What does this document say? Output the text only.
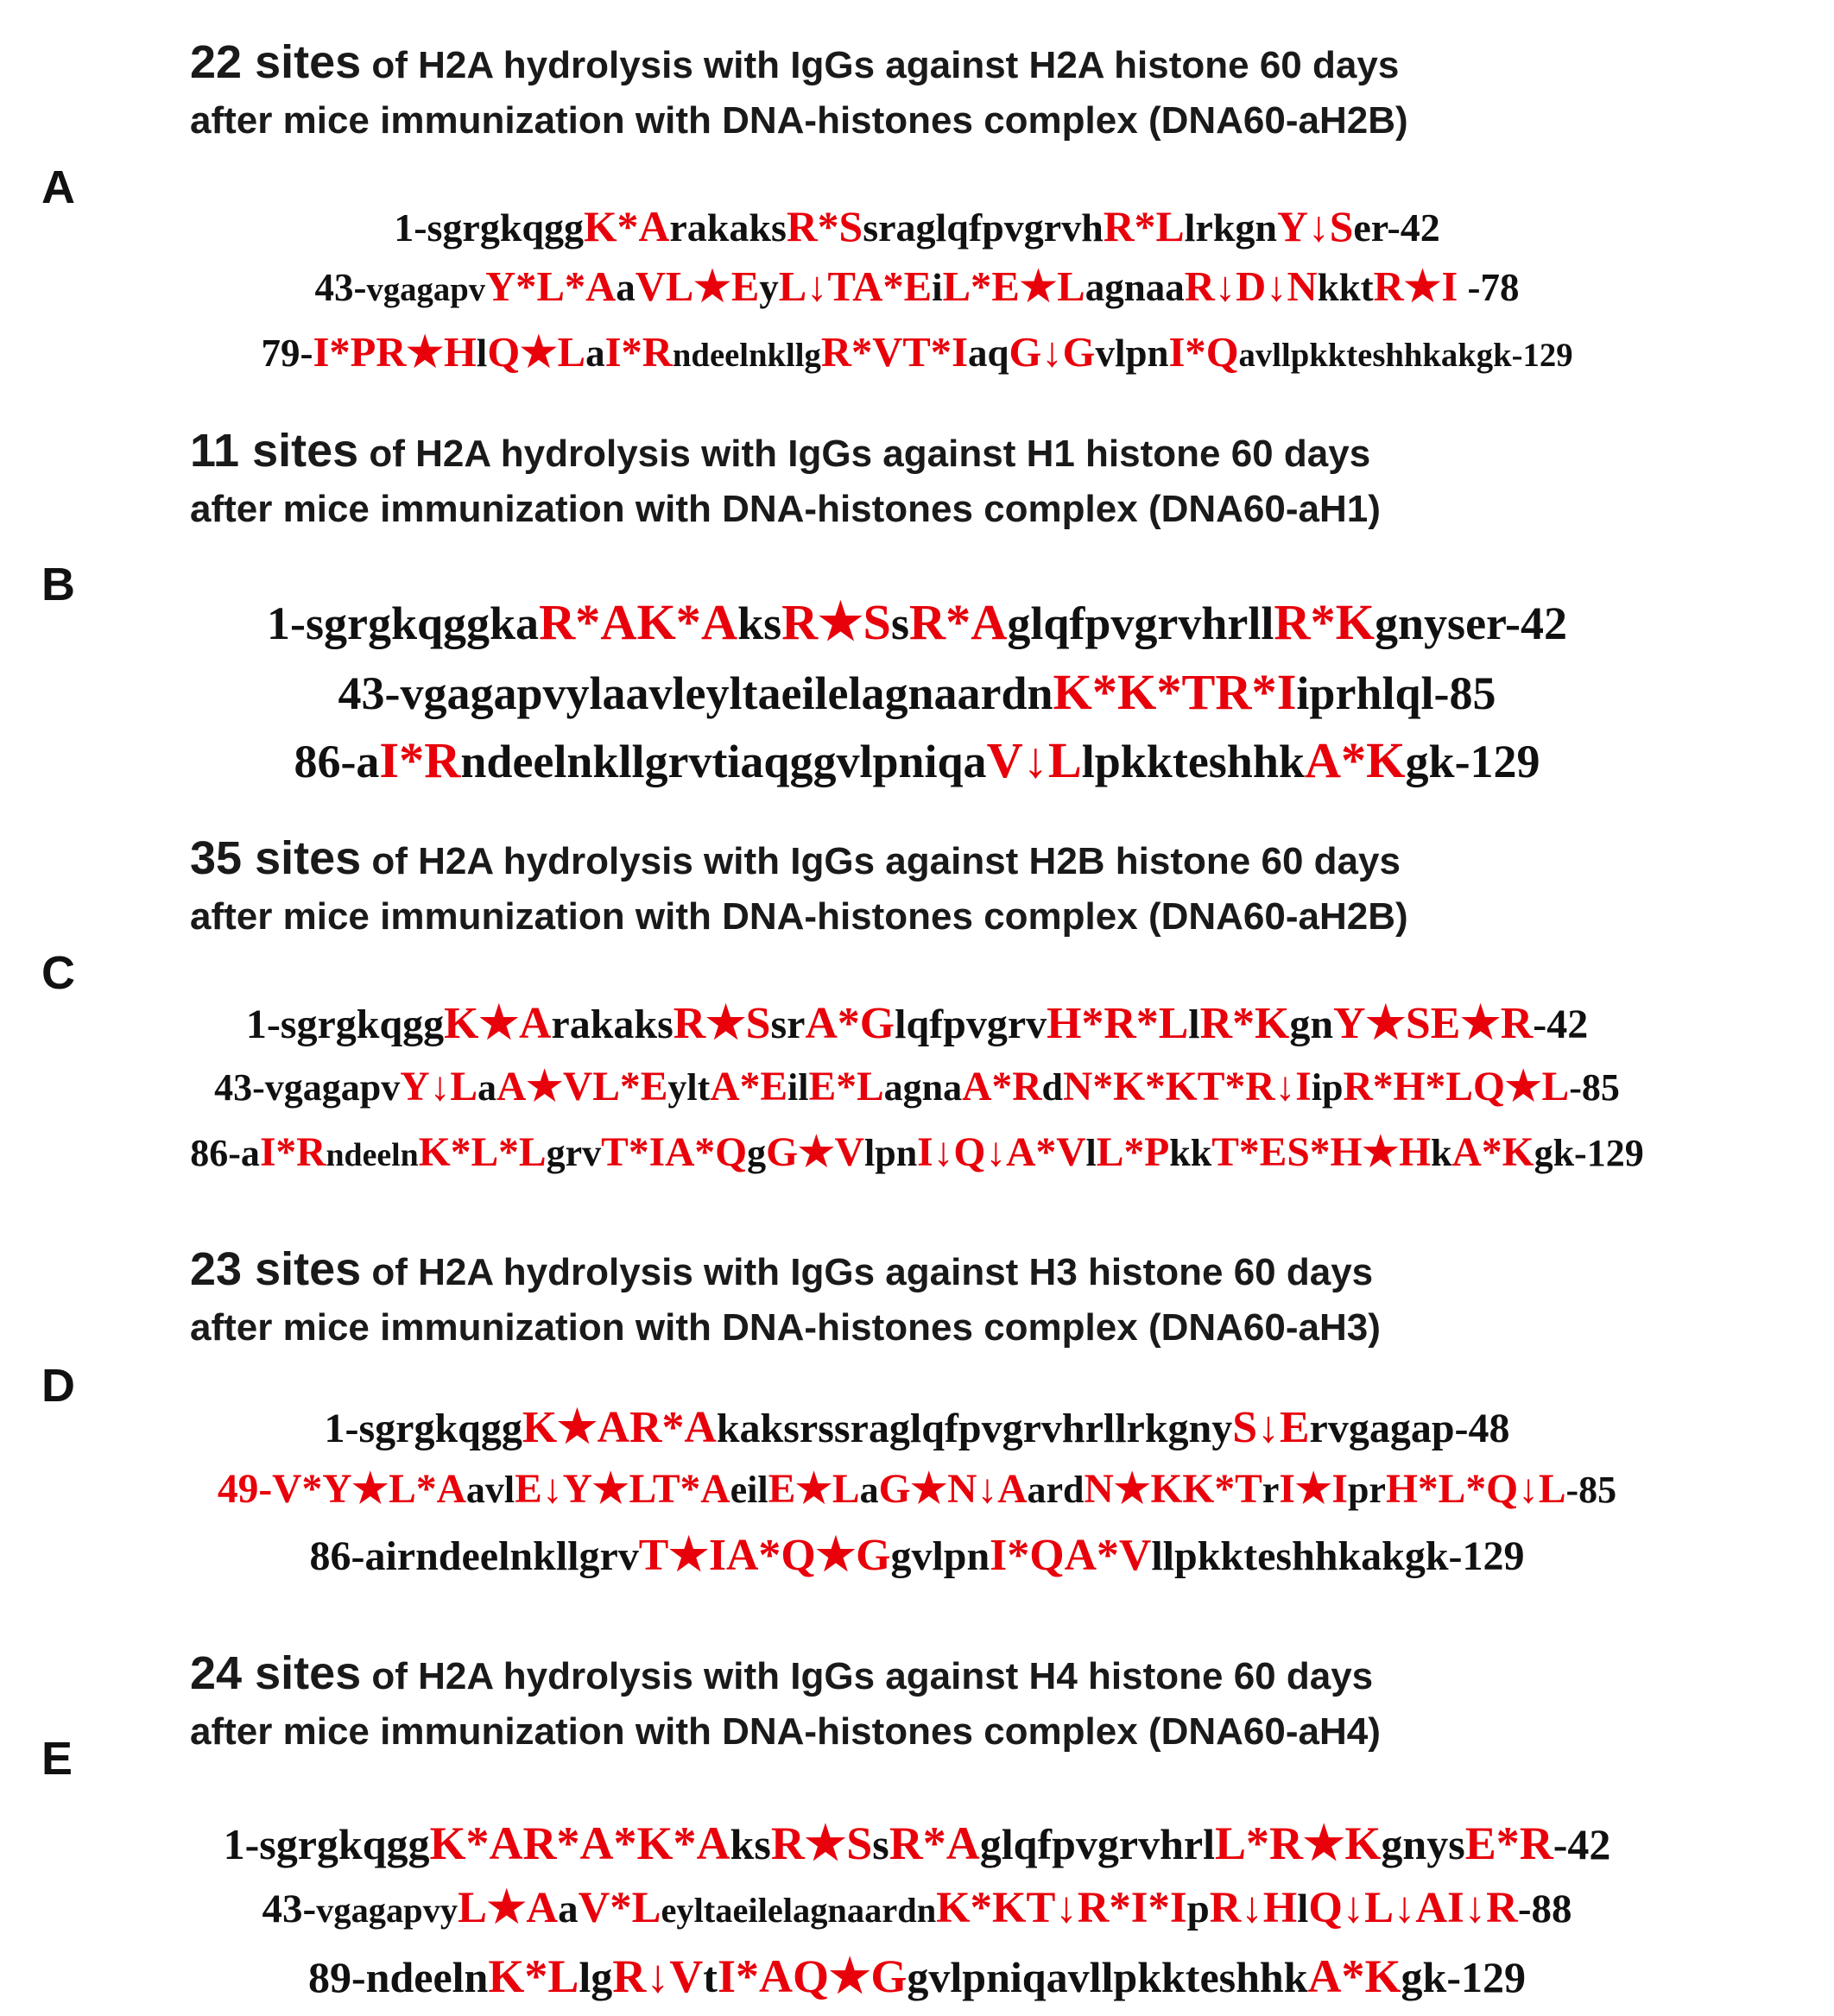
22 sites of H2A hydrolysis with IgGs against H2A histone 60 days
after mice immunization with DNA-histones complex (DNA60-aH2B)
A
1-sgrgkqggK*ArakaksR*SsraglqfpvgrvhR*LlrkgnY↓Ser-42
43-vgagapvY*L*AaVL★EyL↓TA*EiL*E★LagnaaR↓D↓NkktR★I -78
79-I*PR★HlQ★LaI*RndeelnkllgR*VT*IaqG↓GvlpnI*Qavllpkkteshhkakgk-129
11 sites of H2A hydrolysis with IgGs against H1 histone 60 days
after mice immunization with DNA-histones complex (DNA60-aH1)
B
1-sgrgkqggkaR*AK*AksR★SsR*AglqfpvgrvhrllR*Kgnyser-42
43-vgagapvylaavleyltaeilelagnaardnK*K*TR*Iiprhlql-85
86-aI*RndeelnkllgrvtiaqggvlpniqaV↓LlpkkteshhkA*Kgk-129
35 sites of H2A hydrolysis with IgGs against H2B histone 60 days
after mice immunization with DNA-histones complex (DNA60-aH2B)
C
1-sgrgkqggK★ArakaksR★SsrA*GlqfpvgrvH*R*LlR*KgnY★SE★R-42
43-vgagapvY↓LaA★VL*EyltA*EilE*LagnaA*RdN*K*KT*R↓IipR*H*LQ★L-85
86-aI*RndeelnK*L*LgrvT*IA*QgG★VlpnI↓Q↓A*VlL*PkkT*ES*H★HkA*Kgk-129
23 sites of H2A hydrolysis with IgGs against H3 histone 60 days
after mice immunization with DNA-histones complex (DNA60-aH3)
D
1-sgrgkqggK★AR*AkaksrssraglqfpvgrvhrllrkgnyS↓Ervgagap-48
49-V*Y★L*AavlE↓Y★LT*AeilE★LaG★N↓AardN★KK*TrI★IprH*L*Q↓L-85
86-airndeelnkllgrvT★IA*Q★GgvlpnI*QA*Vllpkkteshhkakgk-129
24 sites of H2A hydrolysis with IgGs against H4 histone 60 days
after mice immunization with DNA-histones complex (DNA60-aH4)
E
1-sgrgkqggK*AR*A*K*AksR★SsR*AglqfpvgrvhrlL*R★KgnysE*R-42
43-vgagapvyL★AaV*LeyltaeilelagnaardnK*KT↓R*I*IpR↓HlQ↓L↓AI↓R-88
89-ndeelnK*LlgR↓VtI*AQ★GgvlpniqavllpkkteshhkA*Kgk-129
